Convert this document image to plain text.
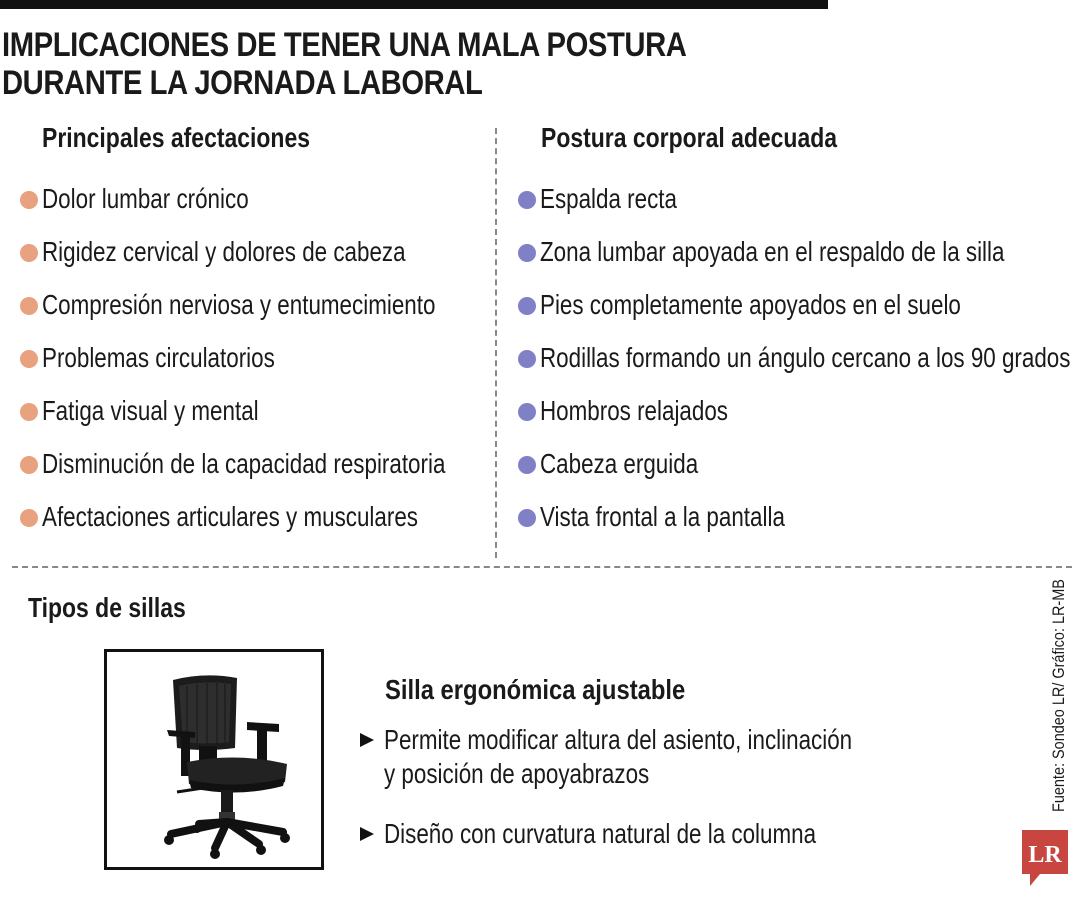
IMPLICACIONES DE TENER UNA MALA POSTURA
DURANTE LA JORNADA LABORAL
Principales afectaciones
Dolor lumbar crónico
Rigidez cervical y dolores de cabeza
Compresión nerviosa y entumecimiento
Problemas circulatorios
Fatiga visual y mental
Disminución de la capacidad respiratoria
Afectaciones articulares y musculares
Postura corporal adecuada
Espalda recta
Zona lumbar apoyada en el respaldo de la silla
Pies completamente apoyados en el suelo
Rodillas formando un ángulo cercano a los 90 grados
Hombros relajados
Cabeza erguida
Vista frontal a la pantalla
Tipos de sillas
Silla ergonómica ajustable
Permite modificar altura del asiento, inclinación
y posición de apoyabrazos
Diseño con curvatura natural de la columna
Fuente: Sondeo LR/ Gráfico: LR-MB
LR
